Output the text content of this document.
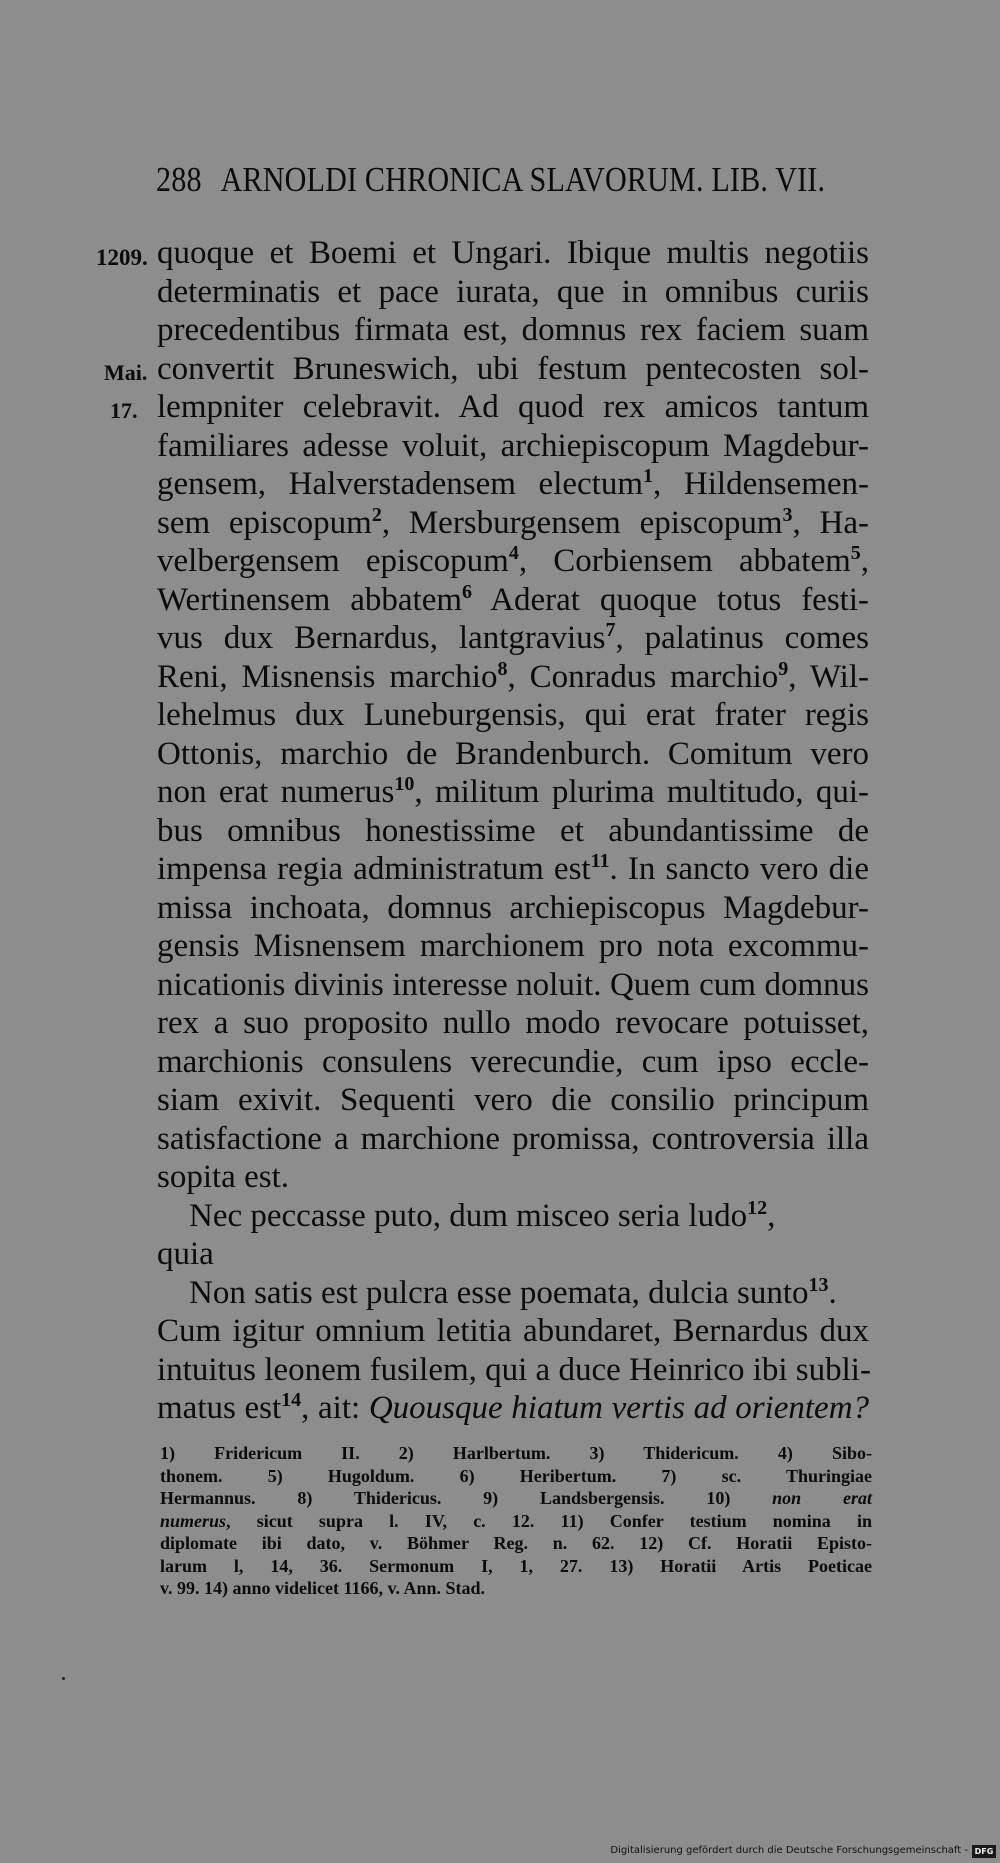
288 ARNOLDI CHRONICA SLAVORUM. LIB. VII.
1209.
Mai.
17.
quoque et Boemi et Ungari. Ibique multis negotiis
determinatis et pace iurata, que in omnibus curiis
precedentibus firmata est, domnus rex faciem suam
convertit Bruneswich, ubi festum pentecosten sol-
lempniter celebravit. Ad quod rex amicos tantum
familiares adesse voluit, archiepiscopum Magdebur-
gensem, Halverstadensem electum$^1$, Hildensemen-
sem episcopum$^2$, Mersburgensem episcopum$^3$, Ha-
velbergensem episcopum$^4$, Corbiensem abbatem$^5$,
Wertinensem abbatem$^6$ Aderat quoque totus festi-
vus dux Bernardus, lantgravius$^7$, palatinus comes
Reni, Misnensis marchio$^8$, Conradus marchio$^9$, Wil-
lehelmus dux Luneburgensis, qui erat frater regis
Ottonis, marchio de Brandenburch. Comitum vero
non erat numerus$^{10}$, militum plurima multitudo, qui-
bus omnibus honestissime et abundantissime de
impensa regia administratum est$^{11}$. In sancto vero die
missa inchoata, domnus archiepiscopus Magdebur-
gensis Misnensem marchionem pro nota excommu-
nicationis divinis interesse noluit. Quem cum domnus
rex a suo proposito nullo modo revocare potuisset,
marchionis consulens verecundie, cum ipso eccle-
siam exivit. Sequenti vero die consilio principum
satisfactione a marchione promissa, controversia illa
sopita est.
Nec peccasse puto, dum misceo seria ludo$^{12}$,
quia
Non satis est pulcra esse poemata, dulcia sunto$^{13}$.
Cum igitur omnium letitia abundaret, Bernardus dux
intuitus leonem fusilem, qui a duce Heinrico ibi subli-
matus est$^{14}$, ait: Quousque hiatum vertis ad orientem?
1) Fridericum II. 2) Harlbertum. 3) Thidericum. 4) Sibo-
thonem. 5) Hugoldum. 6) Heribertum. 7) sc. Thuringiae
Hermannus. 8) Thidericus. 9) Landsbergensis. 10) non erat
numerus, sicut supra l. IV, c. 12. 11) Confer testium nomina in
diplomate ibi dato, v. Böhmer Reg. n. 62. 12) Cf. Horatii Episto-
larum l, 14, 36. Sermonum I, 1, 27. 13) Horatii Artis Poeticae
v. 99. 14) anno videlicet 1166, v. Ann. Stad.
Digitalisierung gefördert durch die Deutsche Forschungsgemeinschaft - DFG
